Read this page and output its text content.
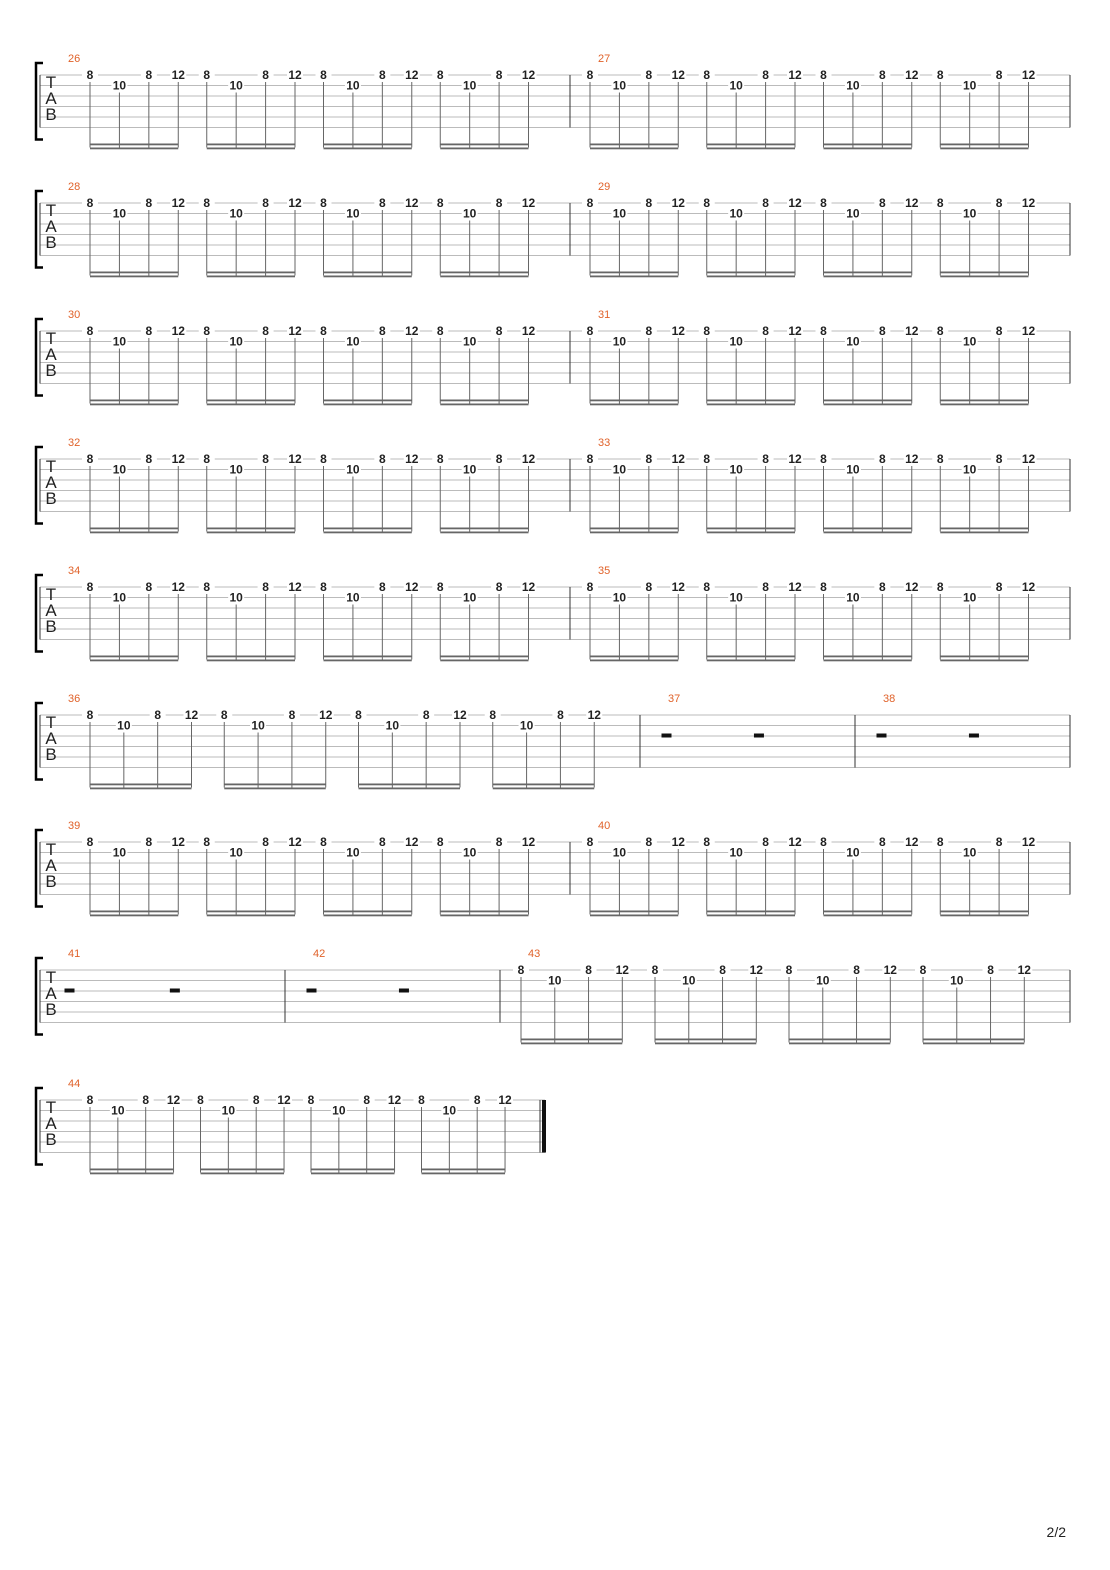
T
A
B
26
8
10
8 12 8
10
8 12 8
10
8 12 8
10
8 12
27
8
10
8 12 8
10
8 12 8
10
8 12 8
10
8 12
T
A
B
28
8
10
8 12 8
10
8 12 8
10
8 12 8
10
8 12
29
8
10
8 12 8
10
8 12 8
10
8 12 8
10
8 12
T
A
B
30
8
10
8 12 8
10
8 12 8
10
8 12 8
10
8 12
31
8
10
8 12 8
10
8 12 8
10
8 12 8
10
8 12
T
A
B
32
8
10
8 12 8
10
8 12 8
10
8 12 8
10
8 12
33
8
10
8 12 8
10
8 12 8
10
8 12 8
10
8 12
T
A
B
34
8
10
8 12 8
10
8 12 8
10
8 12 8
10
8 12
35
8
10
8 12 8
10
8 12 8
10
8 12 8
10
8 12
T
A
B
36
8
10
8 12 8
10
8 12 8
10
8 12 8
10
8 12
37	38
T
A
B
39
8
10
8 12 8
10
8 12 8
10
8 12 8
10
8 12
40
8
10
8 12 8
10
8 12 8
10
8 12 8
10
8 12
T
A
B
41	42	43
8
10
8 12 8
10
8 12 8
10
8 12 8
10
8 12
T
A
B
44
8
10
8 12 8
10
8 12 8
10
8 12 8
10
8 12
2/2
